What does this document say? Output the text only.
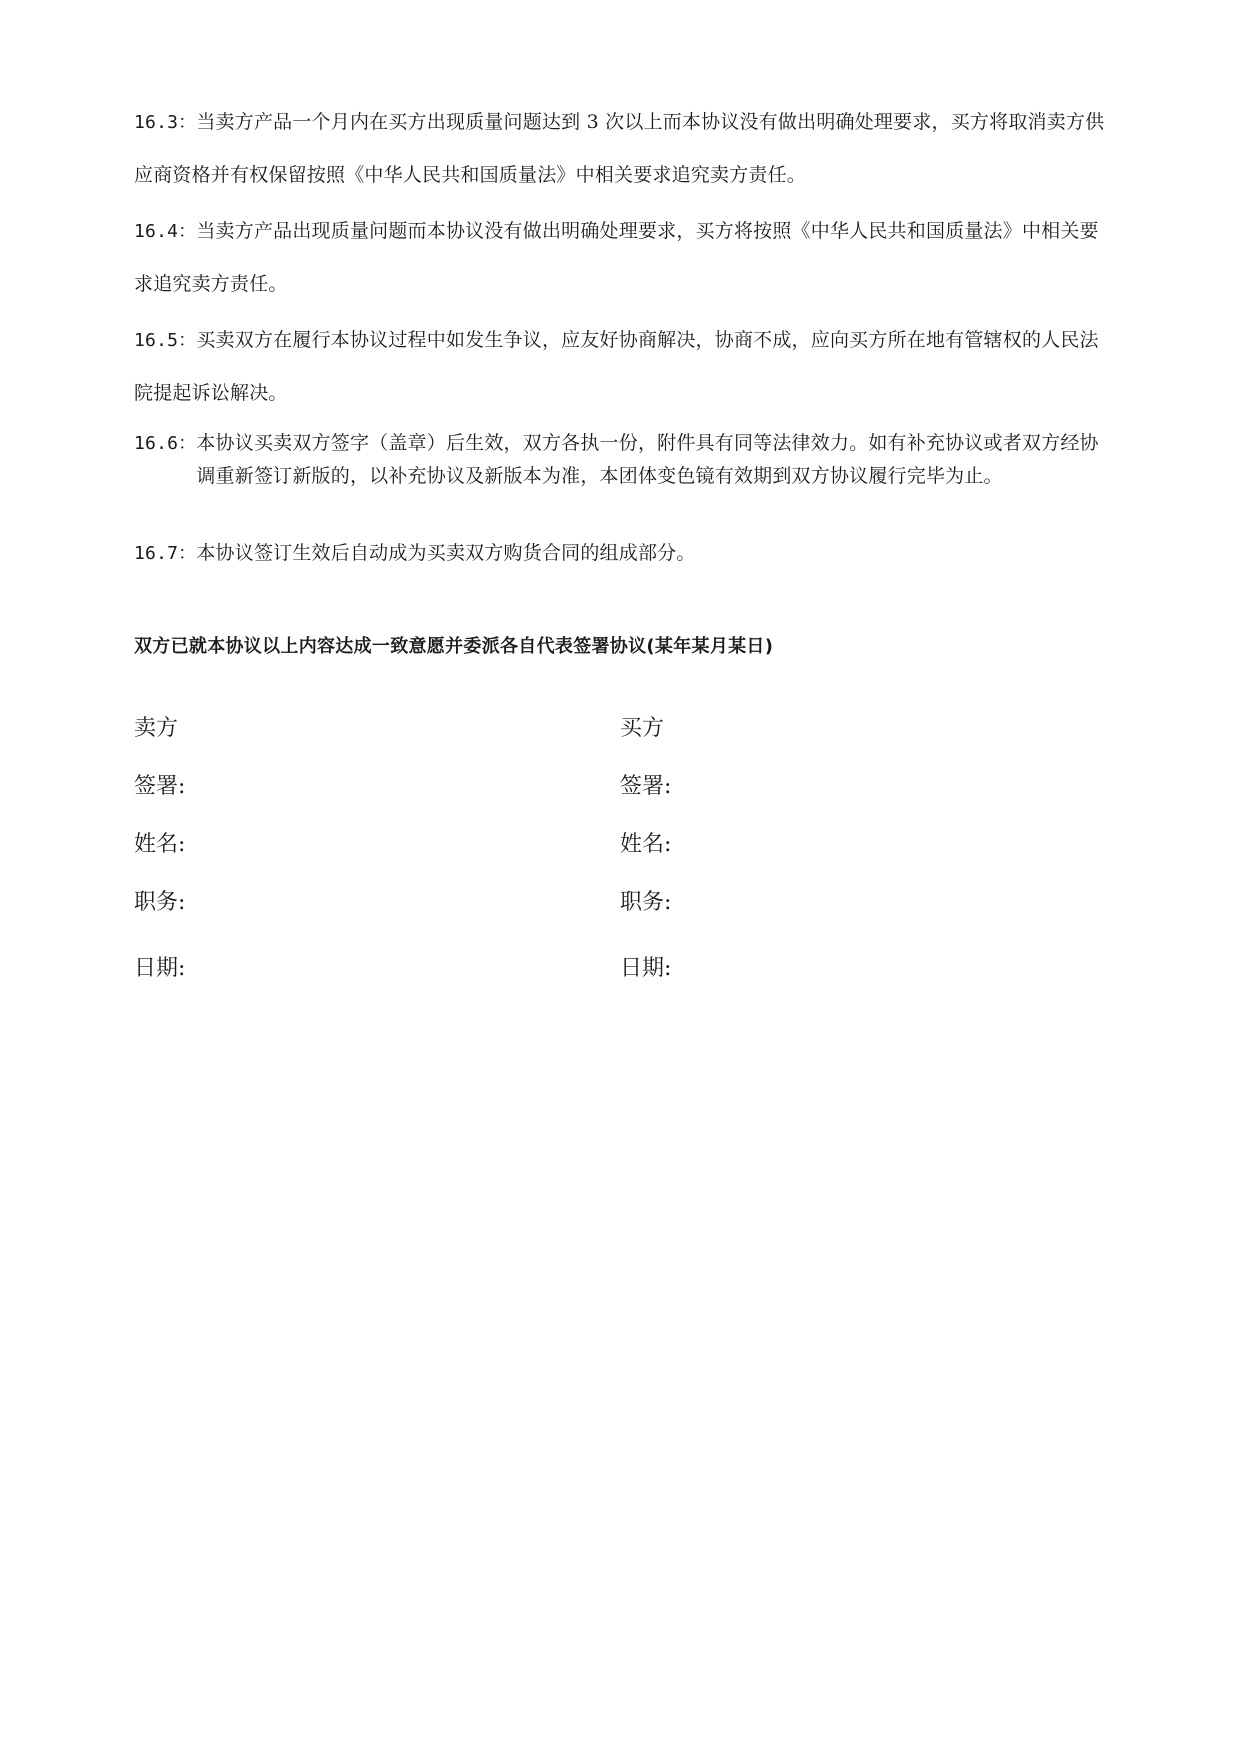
16.3：当卖方产品一个月内在买方出现质量问题达到 3 次以上而本协议没有做出明确处理要求，买方将取消卖方供应商资格并有权保留按照《中华人民共和国质量法》中相关要求追究卖方责任。
16.4：当卖方产品出现质量问题而本协议没有做出明确处理要求，买方将按照《中华人民共和国质量法》中相关要求追究卖方责任。
16.5：买卖双方在履行本协议过程中如发生争议，应友好协商解决，协商不成，应向买方所在地有管辖权的人民法院提起诉讼解决。
16.6： 本协议买卖双方签字（盖章）后生效，双方各执一份，附件具有同等法律效力。如有补充协议或者双方经协调重新签订新版的，以补充协议及新版本为准，本团体变色镜有效期到双方协议履行完毕为止。
16.7：本协议签订生效后自动成为买卖双方购货合同的组成部分。
双方已就本协议以上内容达成一致意愿并委派各自代表签署协议(某年某月某日)
卖方
签署:
姓名:
职务:
日期:
买方
签署:
姓名:
职务:
日期:
